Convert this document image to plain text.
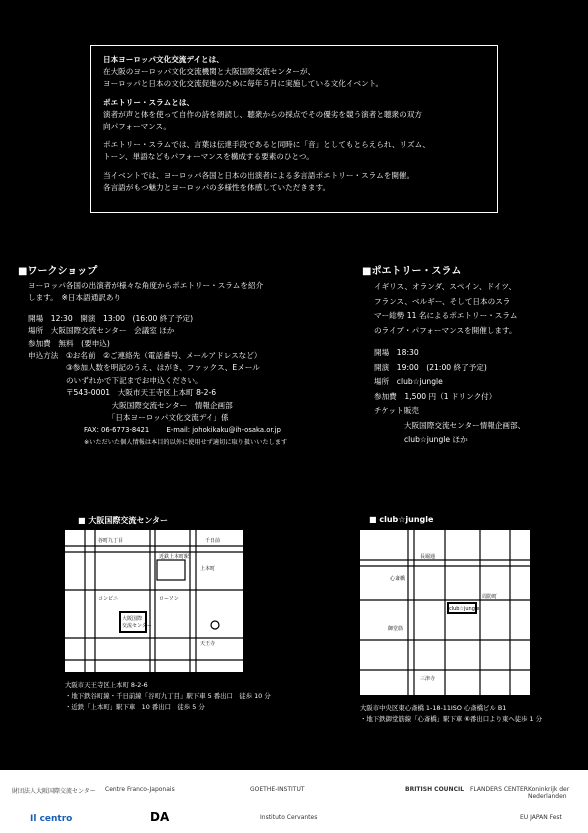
日本ヨーロッパ文化交流デイとは、
在大阪のヨーロッパ文化交流機関と大阪国際交流センターが、
ヨーロッパと日本の文化交流促進のために毎年５月に実施している文化イベント。

ポエトリー・スラムとは、
演者が声と体を使って自作の詩を朗読し、聴衆からの採点でその優劣を競う演者と聴衆の双方
向パフォーマンス。

ポエトリー・スラムでは、言葉は伝達手段であると同時に「音」としてもとらえられ、リズム、
トーン、単語などもパフォーマンスを構成する要素のひとつ。

当イベントでは、ヨーロッパ各国と日本の出演者による多言語ポエトリー・スラムを開催。
各言語がもつ魅力とヨーロッパの多様性を体感していただきます。

■ワークショップ
ヨーロッパ各国の出演者が様々な角度からポエトリー・スラムを紹介
します。　※日本語通訳あり
開場　12:30　開演　13:00　(16:00 終了予定)
場所　大阪国際交流センター　会議室 ほか
参加費　無料　(要申込)
申込方法　①お名前　②ご連絡先（電話番号、メールアドレスなど）
　　　　　③参加人数を明記のうえ、はがき、ファックス、Eメール
　　　　　のいずれかで下記までお申込ください。
　　　　　〒543-0001　大阪市天王寺区上本町 8-2-6
　　　　　　　　　　　大阪国際交流センター　情報企画部
　　　　　　　　　　　「日本ヨーロッパ文化交流デイ」係
FAX: 06-6773-8421	E-mail: johokikaku@ih-osaka.or.jp
※いただいた個人情報は本目的以外に使用せず適切に取り扱いいたします
■ポエトリー・スラム
イギリス、オランダ、スペイン、ドイツ、
フランス、ベルギー、そして日本のスラ
マー総勢 11 名によるポエトリー・スラム
のライブ・パフォーマンスを開催します。
開場　18:30
開演　19:00　(21:00 終了予定)
場所　club☆jungle
参加費　1,500 円（1 ドリンク付）
チケット販売
大阪国際交流センター情報企画部、
club☆jungle ほか
■ 大阪国際交流センター
谷町九丁目	千日前
近鉄上本町駅
大阪国際
交流センター
ローソン
天王寺
上本町
コンビニ
大阪市天王寺区上本町 8-2-6
・地下鉄谷町線・千日前線「谷町九丁目」駅下車 5 番出口　徒歩 10 分
・近鉄「上本町」駅下車　10 番出口　徒歩 5 分
■ club☆jungle
長堀通
心斎橋
club☆jungle
御堂筋
周防町
三津寺
大阪市中央区東心斎橋 1-18-11ISO 心斎橋ビル B1
・地下鉄御堂筋線「心斎橋」駅下車 ⑥番出口より東へ徒歩 1 分
財団法人大阪国際交流センター Centre Franco-Japonais	GOETHE-INSTITUT	BRITISH COUNCIL FLANDERS CENTER Koninkrijk der Nederlanden
Il centro	DA	Instituto Cervantes	EU JAPAN Fest
